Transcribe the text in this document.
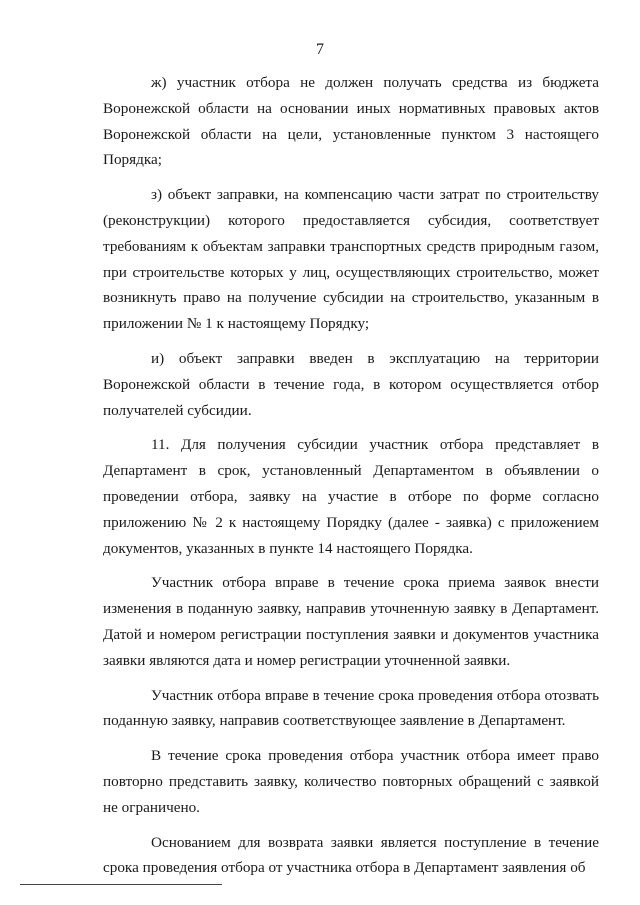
7

ж) участник отбора не должен получать средства из бюджета Воронежской области на основании иных нормативных правовых актов Воронежской области на цели, установленные пунктом 3 настоящего Порядка;

з) объект заправки, на компенсацию части затрат по строительству (реконструкции) которого предоставляется субсидия, соответствует требованиям к объектам заправки транспортных средств природным газом, при строительстве которых у лиц, осуществляющих строительство, может возникнуть право на получение субсидии на строительство, указанным в приложении № 1 к настоящему Порядку;

и) объект заправки введен в эксплуатацию на территории Воронежской области в течение года, в котором осуществляется отбор получателей субсидии.

11. Для получения субсидии участник отбора представляет в Департамент в срок, установленный Департаментом в объявлении о проведении отбора, заявку на участие в отборе по форме согласно приложению № 2 к настоящему Порядку (далее - заявка) с приложением документов, указанных в пункте 14 настоящего Порядка.

Участник отбора вправе в течение срока приема заявок внести изменения в поданную заявку, направив уточненную заявку в Департамент. Датой и номером регистрации поступления заявки и документов участника заявки являются дата и номер регистрации уточненной заявки.

Участник отбора вправе в течение срока проведения отбора отозвать поданную заявку, направив соответствующее заявление в Департамент.

В течение срока проведения отбора участник отбора имеет право повторно представить заявку, количество повторных обращений с заявкой не ограничено.

Основанием для возврата заявки является поступление в течение срока проведения отбора от участника отбора в Департамент заявления об
